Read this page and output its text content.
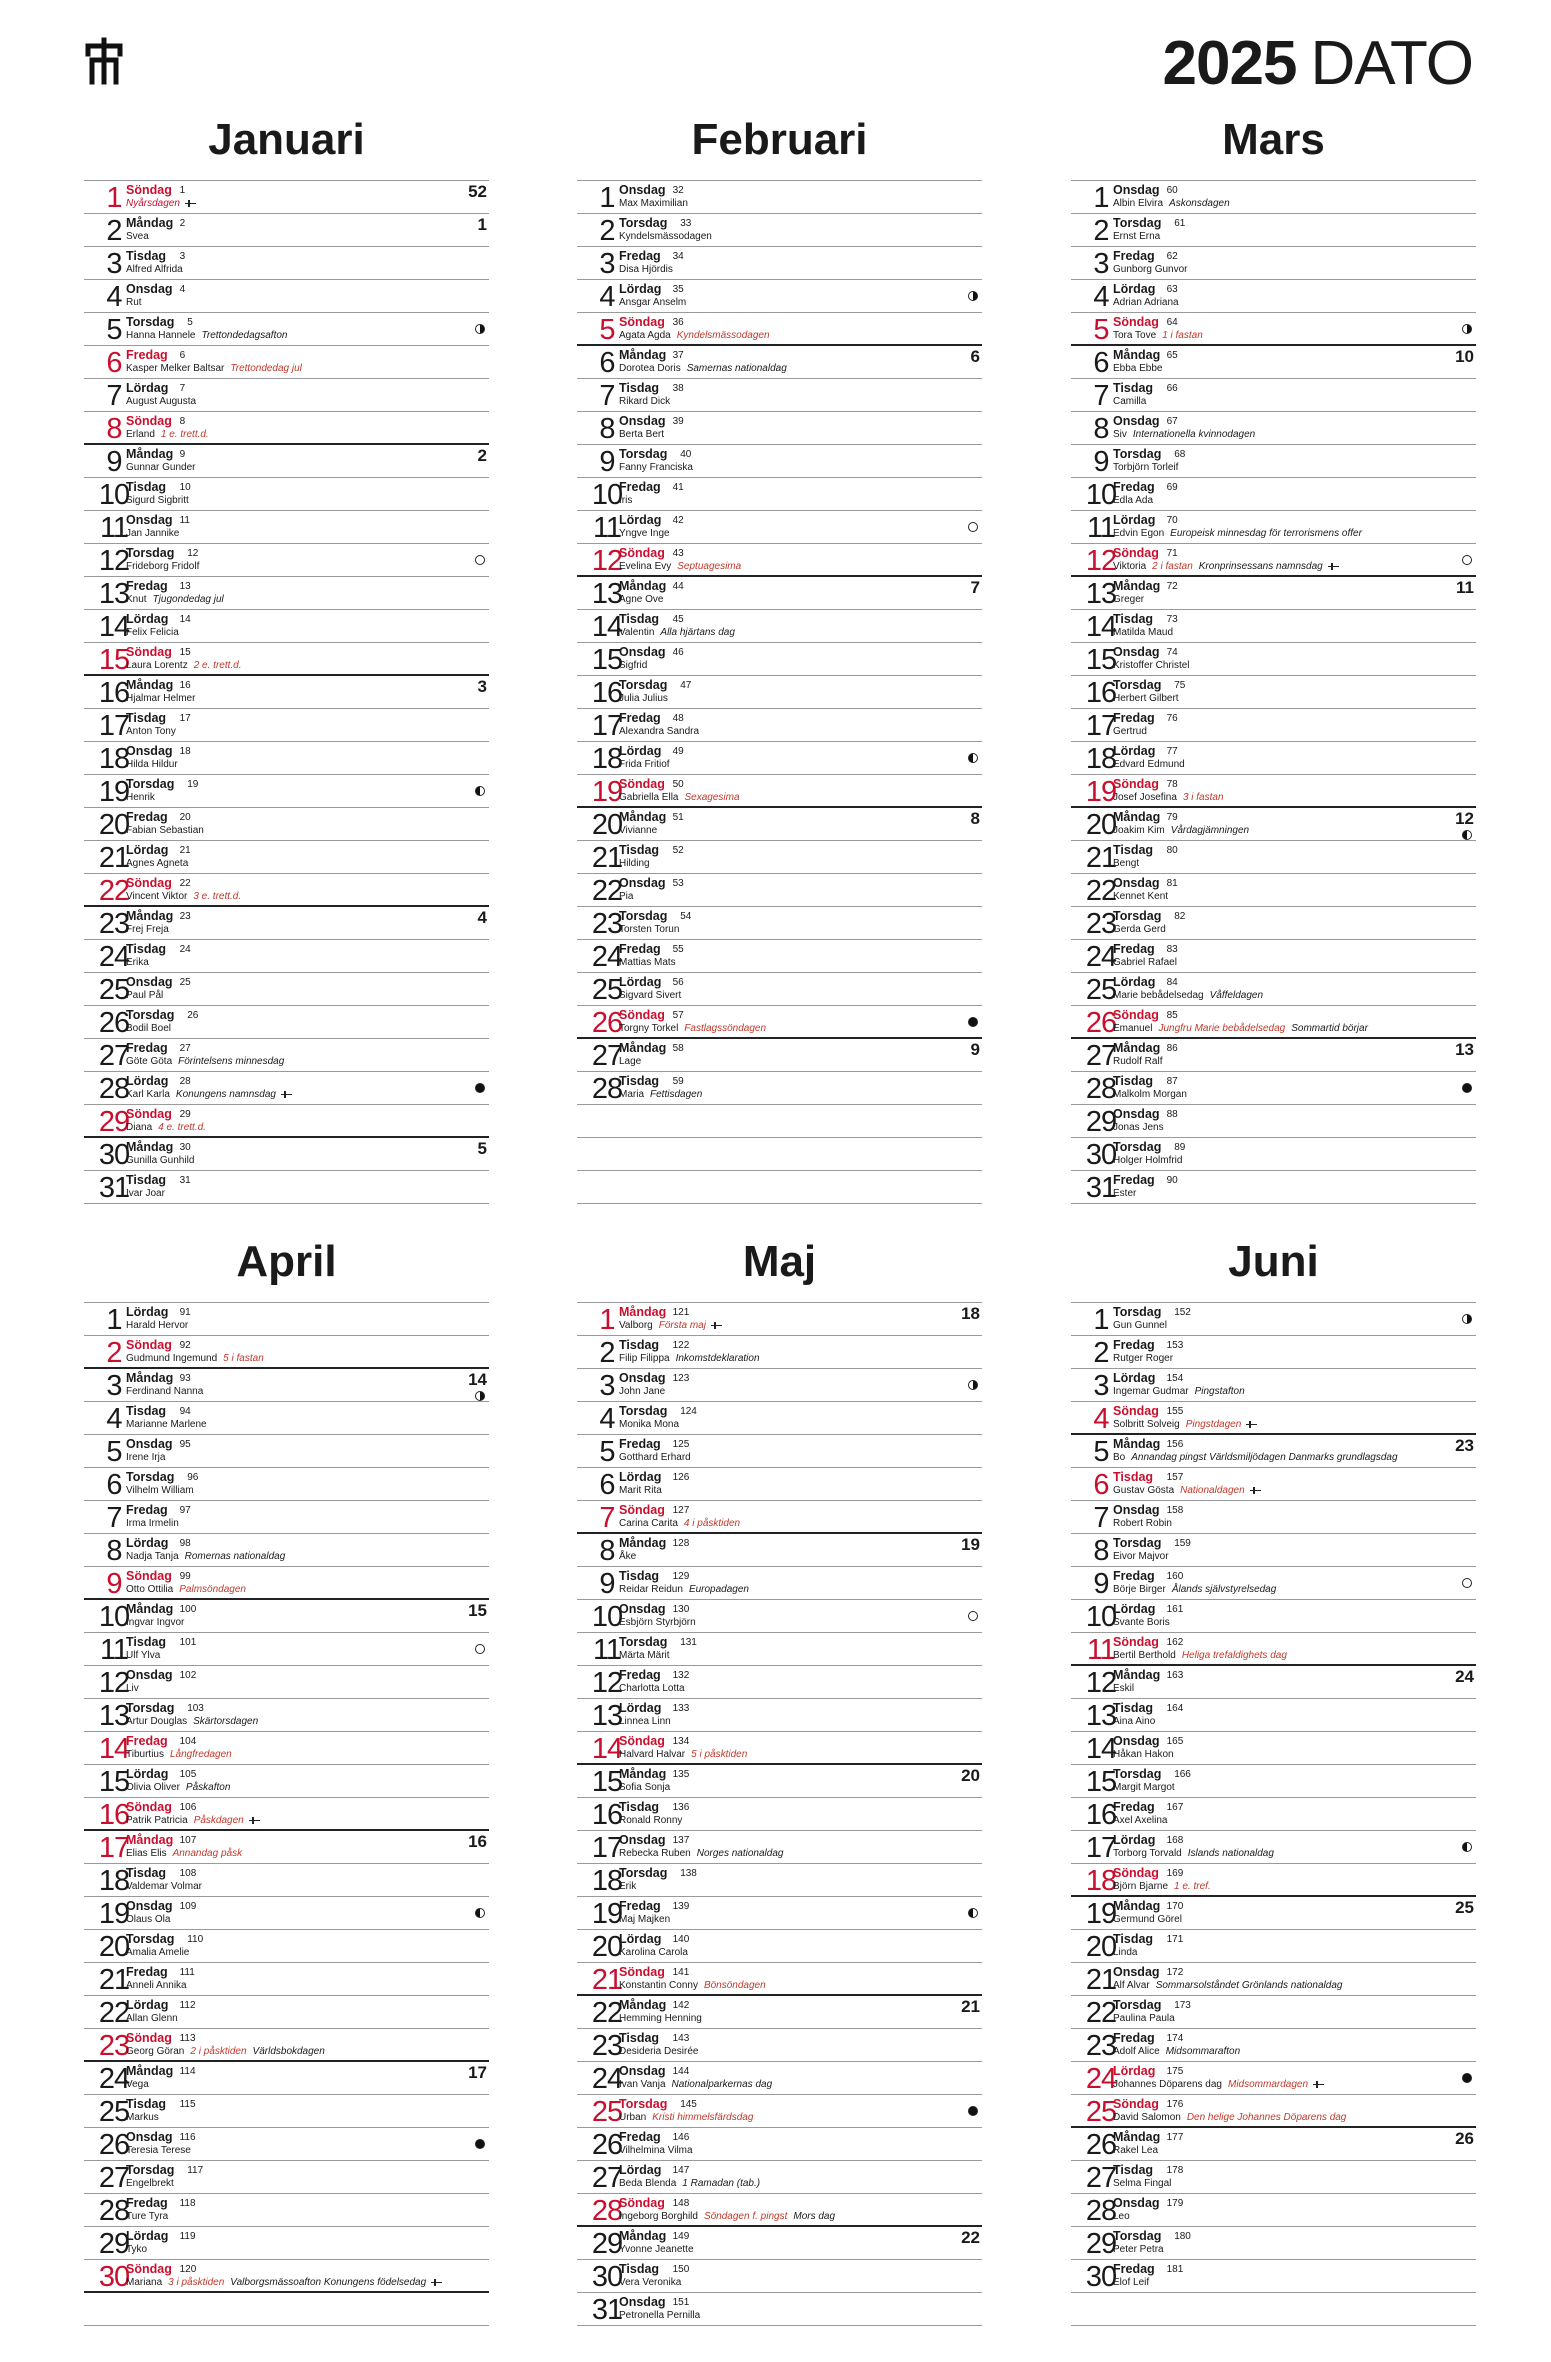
2025 DATO
Januari
1 Söndag 1
Nyårsdagen
52
2 Måndag 2
Svea
1
3 Tisdag 3
Alfred Alfrida
4 Onsdag 4
Rut
5 Torsdag 5
Hanna Hannele Trettondedagsafton
6 Fredag 6
Kasper Melker Baltsar Trettondedag jul
7 Lördag 7
August Augusta
8 Söndag 8
Erland 1 e. trett.d.
9 Måndag 9
Gunnar Gunder
2
10
Tisdag 10
Sigurd Sigbritt
11
Onsdag 11
Jan Jannike
12
Torsdag 12
Frideborg Fridolf
13
Fredag 13
Knut Tjugondedag jul
14
Lördag 14
Felix Felicia
15
Söndag 15
Laura Lorentz 2 e. trett.d.
16
Måndag 16
Hjalmar Helmer
3
17
Tisdag 17
Anton Tony
18
Onsdag 18
Hilda Hildur
19
Torsdag 19
Henrik
20
Fredag 20
Fabian Sebastian
21
Lördag 21
Agnes Agneta
22
Söndag 22
Vincent Viktor 3 e. trett.d.
23
Måndag 23
Frej Freja
4
24
Tisdag 24
Erika
25
Onsdag 25
Paul Pål
26
Torsdag 26
Bodil Boel
27
Fredag 27
Göte Göta Förintelsens minnesdag
28
Lördag 28
Karl Karla Konungens namnsdag
29
Söndag 29
Diana 4 e. trett.d.
30
Måndag 30
Gunilla Gunhild
5
31
Tisdag 31
Ivar Joar
Februari
1 Onsdag 32
Max Maximilian
2 Torsdag 33
Kyndelsmässodagen
3 Fredag 34
Disa Hjördis
4 Lördag 35
Ansgar Anselm
5 Söndag 36
Agata Agda Kyndelsmässodagen
6 Måndag 37
Dorotea Doris Samernas nationaldag
6
7 Tisdag 38
Rikard Dick
8 Onsdag 39
Berta Bert
9 Torsdag 40
Fanny Franciska
10
Fredag 41
Iris
11
Lördag 42
Yngve Inge
12
Söndag 43
Evelina Evy Septuagesima
13
Måndag 44
Agne Ove
7
14
Tisdag 45
Valentin Alla hjärtans dag
15
Onsdag 46
Sigfrid
16
Torsdag 47
Julia Julius
17
Fredag 48
Alexandra Sandra
18
Lördag 49
Frida Fritiof
19
Söndag 50
Gabriella Ella Sexagesima
20
Måndag 51
Vivianne
8
21
Tisdag 52
Hilding
22
Onsdag 53
Pia
23
Torsdag 54
Torsten Torun
24
Fredag 55
Mattias Mats
25
Lördag 56
Sigvard Sivert
26
Söndag 57
Torgny Torkel Fastlagssöndagen
27
Måndag 58
Lage
9
28
Tisdag 59
Maria Fettisdagen
Mars
1 Onsdag 60
Albin Elvira Askonsdagen
2 Torsdag 61
Ernst Erna
3 Fredag 62
Gunborg Gunvor
4 Lördag 63
Adrian Adriana
5 Söndag 64
Tora Tove 1 i fastan
6 Måndag 65
Ebba Ebbe
10
7 Tisdag 66
Camilla
8 Onsdag 67
Siv Internationella kvinnodagen
9 Torsdag 68
Torbjörn Torleif
10
Fredag 69
Edla Ada
11
Lördag 70
Edvin Egon Europeisk minnesdag för terrorismens offer
12
Söndag 71
Viktoria 2 i fastan Kronprinsessans namnsdag
13
Måndag 72
Greger
11
14
Tisdag 73
Matilda Maud
15
Onsdag 74
Kristoffer Christel
16
Torsdag 75
Herbert Gilbert
17
Fredag 76
Gertrud
18
Lördag 77
Edvard Edmund
19
Söndag 78
Josef Josefina 3 i fastan
20
Måndag 79
Joakim Kim Vårdagjämningen
12
21
Tisdag 80
Bengt
22
Onsdag 81
Kennet Kent
23
Torsdag 82
Gerda Gerd
24
Fredag 83
Gabriel Rafael
25
Lördag 84
Marie bebådelsedag Våffeldagen
26
Söndag 85
Emanuel Jungfru Marie bebådelsedag Sommartid börjar
27
Måndag 86
Rudolf Ralf
13
28
Tisdag 87
Malkolm Morgan
29
Onsdag 88
Jonas Jens
30
Torsdag 89
Holger Holmfrid
31
Fredag 90
Ester
April
1 Lördag 91
Harald Hervor
2 Söndag 92
Gudmund Ingemund 5 i fastan
3 Måndag 93
Ferdinand Nanna
14
4 Tisdag 94
Marianne Marlene
5 Onsdag 95
Irene Irja
6 Torsdag 96
Vilhelm William
7 Fredag 97
Irma Irmelin
8 Lördag 98
Nadja Tanja Romernas nationaldag
9 Söndag 99
Otto Ottilia Palmsöndagen
10
Måndag 100
Ingvar Ingvor
15
11
Tisdag 101
Ulf Ylva
12
Onsdag 102
Liv
13
Torsdag 103
Artur Douglas Skärtorsdagen
14
Fredag 104
Tiburtius Långfredagen
15
Lördag 105
Olivia Oliver Påskafton
16
Söndag 106
Patrik Patricia Påskdagen
17
Måndag 107
Elias Elis Annandag påsk
16
18
Tisdag 108
Valdemar Volmar
19
Onsdag 109
Olaus Ola
20
Torsdag 110
Amalia Amelie
21
Fredag 111
Anneli Annika
22
Lördag 112
Allan Glenn
23
Söndag 113
Georg Göran 2 i påsktiden Världsbokdagen
24
Måndag 114
Vega
17
25
Tisdag 115
Markus
26
Onsdag 116
Teresia Terese
27
Torsdag 117
Engelbrekt
28
Fredag 118
Ture Tyra
29
Lördag 119
Tyko
30
Söndag 120
Mariana 3 i påsktiden Valborgsmässoafton Konungens födelsedag
Maj
1 Måndag 121
Valborg Första maj
18
2 Tisdag 122
Filip Filippa Inkomstdeklaration
3 Onsdag 123
John Jane
4 Torsdag 124
Monika Mona
5 Fredag 125
Gotthard Erhard
6 Lördag 126
Marit Rita
7 Söndag 127
Carina Carita 4 i påsktiden
8 Måndag 128
Åke
19
9 Tisdag 129
Reidar Reidun Europadagen
10
Onsdag 130
Esbjörn Styrbjörn
11
Torsdag 131
Märta Märit
12
Fredag 132
Charlotta Lotta
13
Lördag 133
Linnea Linn
14
Söndag 134
Halvard Halvar 5 i påsktiden
15
Måndag 135
Sofia Sonja
20
16
Tisdag 136
Ronald Ronny
17
Onsdag 137
Rebecka Ruben Norges nationaldag
18
Torsdag 138
Erik
19
Fredag 139
Maj Majken
20
Lördag 140
Karolina Carola
21
Söndag 141
Konstantin Conny Bönsöndagen
22
Måndag 142
Hemming Henning
21
23
Tisdag 143
Desideria Desirée
24
Onsdag 144
Ivan Vanja Nationalparkernas dag
25
Torsdag 145
Urban Kristi himmelsfärdsdag
26
Fredag 146
Vilhelmina Vilma
27
Lördag 147
Beda Blenda 1 Ramadan (tab.)
28
Söndag 148
Ingeborg Borghild Söndagen f. pingst Mors dag
29
Måndag 149
Yvonne Jeanette
22
30
Tisdag 150
Vera Veronika
31
Onsdag 151
Petronella Pernilla
Juni
1 Torsdag 152
Gun Gunnel
2 Fredag 153
Rutger Roger
3 Lördag 154
Ingemar Gudmar Pingstafton
4 Söndag 155
Solbritt Solveig Pingstdagen
5 Måndag 156
Bo Annandag pingst Världsmiljödagen Danmarks grundlagsdag
23
6 Tisdag 157
Gustav Gösta Nationaldagen
7 Onsdag 158
Robert Robin
8 Torsdag 159
Eivor Majvor
9 Fredag 160
Börje Birger Ålands självstyrelsedag
10
Lördag 161
Svante Boris
11
Söndag 162
Bertil Berthold Heliga trefaldighets dag
12
Måndag 163
Eskil
24
13
Tisdag 164
Aina Aino
14
Onsdag 165
Håkan Hakon
15
Torsdag 166
Margit Margot
16
Fredag 167
Axel Axelina
17
Lördag 168
Torborg Torvald Islands nationaldag
18
Söndag 169
Björn Bjarne 1 e. tref.
19
Måndag 170
Germund Görel
25
20
Tisdag 171
Linda
21
Onsdag 172
Alf Alvar Sommarsolståndet Grönlands nationaldag
22
Torsdag 173
Paulina Paula
23
Fredag 174
Adolf Alice Midsommarafton
24
Lördag 175
Johannes Döparens dag Midsommardagen
25
Söndag 176
David Salomon Den helige Johannes Döparens dag
26
Måndag 177
Rakel Lea
26
27
Tisdag 178
Selma Fingal
28
Onsdag 179
Leo
29
Torsdag 180
Peter Petra
30
Fredag 181
Elof Leif
